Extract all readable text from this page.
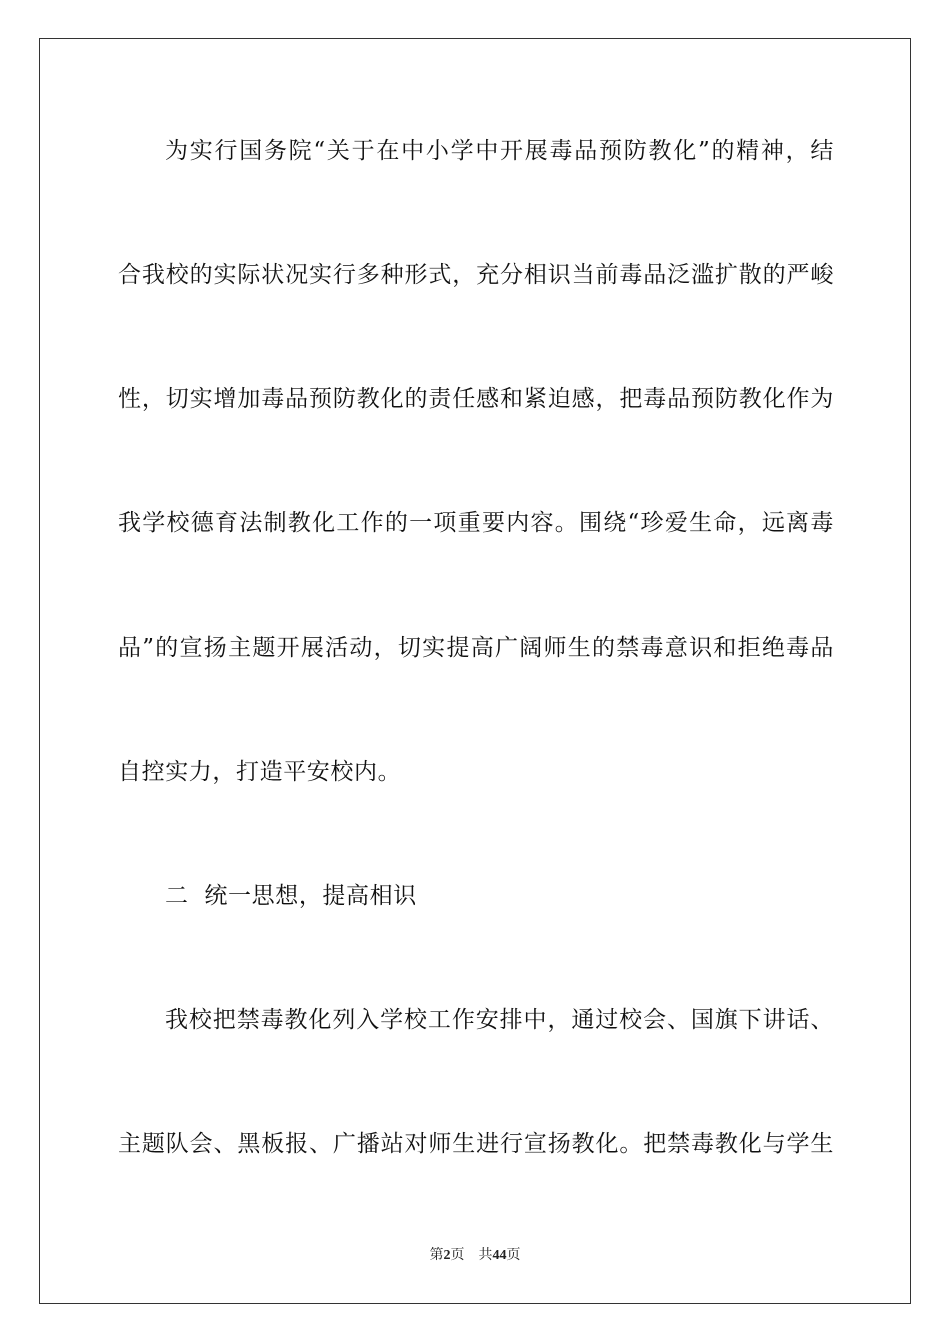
为实行国务院“关于在中小学中开展毒品预防教化”的精神，结
合我校的实际状况实行多种形式，充分相识当前毒品泛滥扩散的严峻
性，切实增加毒品预防教化的责任感和紧迫感，把毒品预防教化作为
我学校德育法制教化工作的一项重要内容。围绕“珍爱生命，远离毒
品”的宣扬主题开展活动，切实提高广阔师生的禁毒意识和拒绝毒品
自控实力，打造平安校内。
二  统一思想，提高相识
我校把禁毒教化列入学校工作安排中，通过校会、国旗下讲话、
主题队会、黑板报、广播站对师生进行宣扬教化。把禁毒教化与学生
第2页 共44页
